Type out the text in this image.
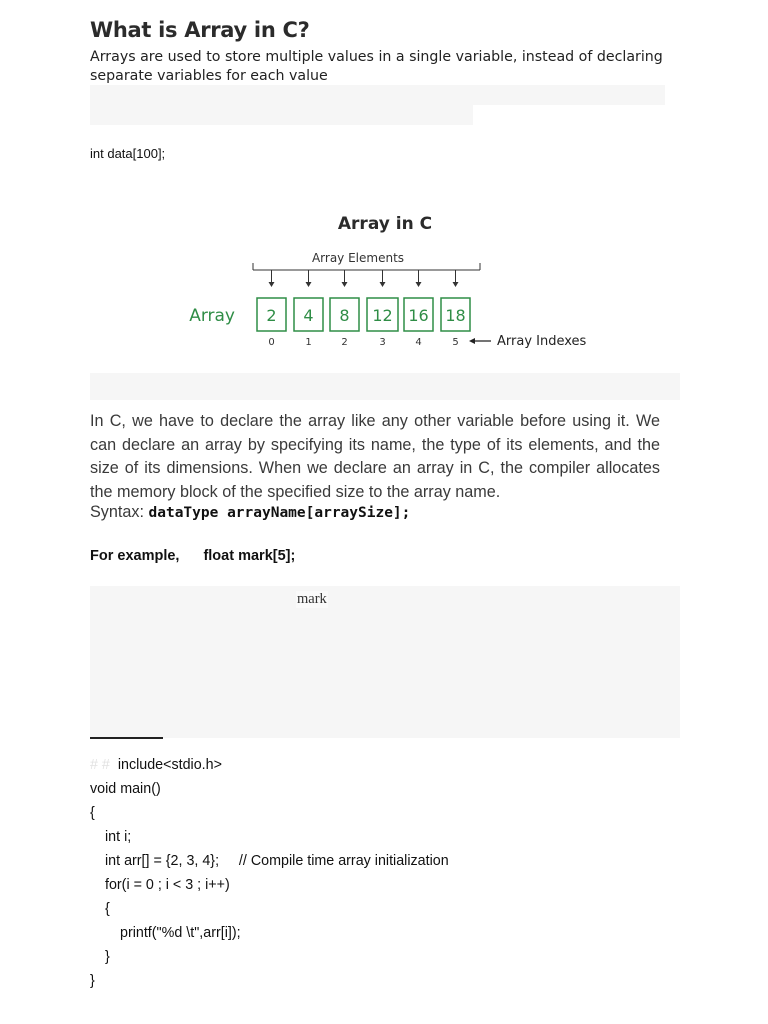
What is Array in C?

Arrays are used to store multiple values in a single variable, instead of declaring separate variables for each value

int data[100];
Array in C
Array Elements
Array 2 4 8 12 16 18
0	1	2	3	4	5	Array Indexes

In C, we have to declare the array like any other variable before using it. We can declare an array by specifying its name, the type of its elements, and the size of its dimensions. When we declare an array in C, the compiler allocates the memory block of the specified size to the array name.

Syntax: dataType arrayName[arraySize];
For example, float mark[5];
mark
# # include<stdio.h>
void main()
{
int i;
int arr[] = {2, 3, 4};     // Compile time array initialization
for(i = 0 ; i < 3 ; i++)
{
printf("%d \t",arr[i]);
}
}
